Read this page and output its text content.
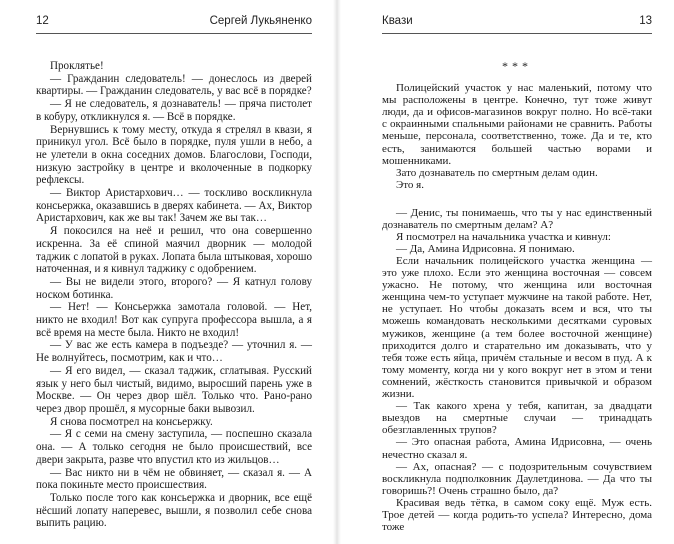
12	Сергей Лукьяненко

Проклятье!

— Гражданин следователь! — донеслось из дверей квартиры. — Гражданин следователь, у вас всё в порядке?

— Я не следователь, я дознаватель! — пряча пистолет в кобуру, откликнулся я. — Всё в порядке.

Вернувшись к тому месту, откуда я стрелял в квази, я приникул угол. Всё было в порядке, пуля ушли в небо, а не улетели в окна соседних домов. Благослови, Господи, низкую застройку в центре и вколоченные в подкорку рефлексы.

— Виктор Аристархович… — тоскливо воскликнула консьержка, оказавшись в дверях кабинета. — Ах, Виктор Аристархович, как же вы так! Зачем же вы так…

Я покосился на неё и решил, что она совершенно искренна. За её спиной маячил дворник — молодой таджик с лопатой в руках. Лопата была штыковая, хорошо наточенная, и я кивнул таджику с одобрением.

— Вы не видели этого, второго? — Я катнул голову носком ботинка.

— Нет! — Консьержка замотала головой. — Нет, никто не входил! Вот как супруга профессора вышла, а я всё время на месте была. Никто не входил!

— У вас же есть камера в подъезде? — уточнил я. — Не волнуйтесь, посмотрим, как и что…

— Я его видел, — сказал таджик, сглатывая. Русский язык у него был чистый, видимо, выросший парень уже в Москве. — Он через двор шёл. Только что. Рано-рано через двор прошёл, я мусорные баки вывозил.

Я снова посмотрел на консьержку.

— Я с семи на смену заступила, — поспешно сказала она. — А только сегодня не было происшествий, все двери закрыта, разве что впустил кто из жильцов…

— Вас никто ни в чём не обвиняет, — сказал я. — А пока покиньте место происшествия.

Только после того как консьержка и дворник, все ещё нёсший лопату наперевес, вышли, я позволил себе снова выпить рацию.

Квази	13

***

Полицейский участок у нас маленький, потому что мы расположены в центре. Конечно, тут тоже живут люди, да и офисов-магазинов вокруг полно. Но всё-таки с окраинными спальными районами не сравнить. Работы меньше, персонала, соответственно, тоже. Да и те, кто есть, занимаются большей частью ворами и мошенниками.

Зато дознаватель по смертным делам один.

Это я.

— Денис, ты понимаешь, что ты у нас единственный дознаватель по смертным делам? А?

Я посмотрел на начальника участка и кивнул:

— Да, Амина Идрисовна. Я понимаю.

Если начальник полицейского участка женщина — это уже плохо. Если это женщина восточная — совсем ужасно. Не потому, что женщина или восточная женщина чем-то уступает мужчине на такой работе. Нет, не уступает. Но чтобы доказать всем и вся, что ты можешь командовать несколькими десятками суровых мужиков, женщине (а тем более восточной женщине) приходится долго и старательно им доказывать, что у тебя тоже есть яйца, причём стальные и весом в пуд. А к тому моменту, когда ни у кого вокруг нет в этом и тени сомнений, жёсткость становится привычкой и образом жизни.

— Так какого хрена у тебя, капитан, за двадцати выездов на смертные случаи — тринадцать обезглавленных трупов?

— Это опасная работа, Амина Идрисовна, — очень нечестно сказал я.

— Ах, опасная? — с подозрительным сочувствием воскликнула подполковник Даулетдинова. — Да что ты говоришь?! Очень страшно было, да?

Красивая ведь тётка, в самом соку ещё. Муж есть. Трое детей — когда родить-то успела? Интересно, дома тоже
